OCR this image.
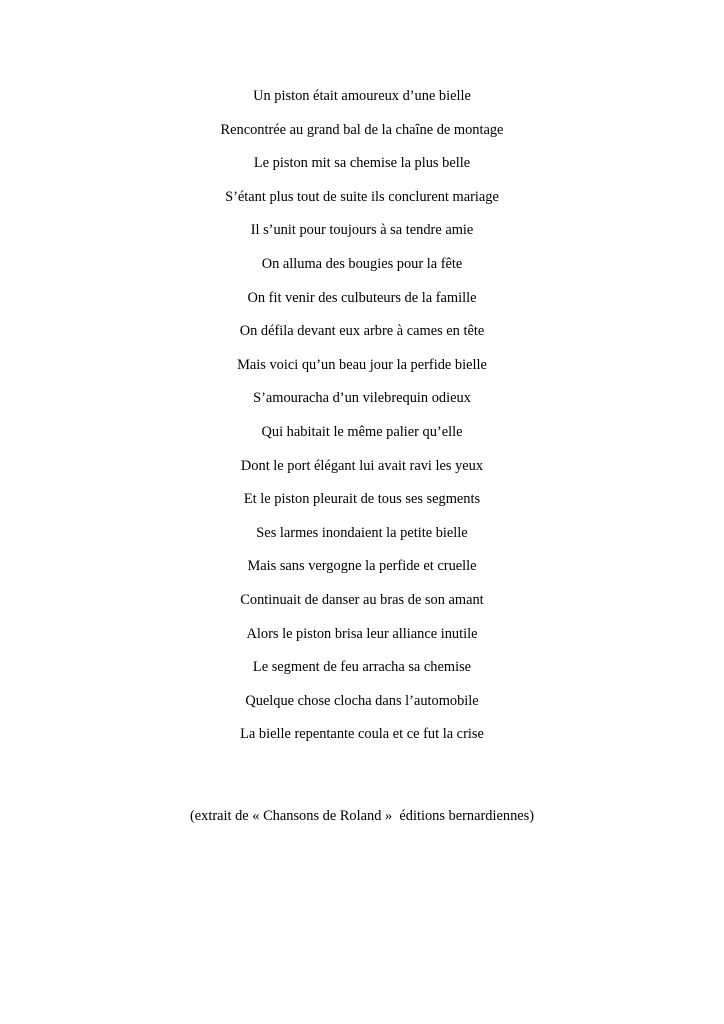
Un piston était amoureux d’une bielle
Rencontrée au grand bal de la chaîne de montage
Le piston mit sa chemise la plus belle
S’étant plus tout de suite ils conclurent mariage
Il s’unit pour toujours à sa tendre amie
On alluma des bougies pour la fête
On fit venir des culbuteurs de la famille
On défila devant eux arbre à cames en tête
Mais voici qu’un beau jour la perfide bielle
S’amouracha d’un vilebrequin odieux
Qui habitait le même palier qu’elle
Dont le port élégant lui avait ravi les yeux
Et le piston pleurait de tous ses segments
Ses larmes inondaient la petite bielle
Mais sans vergogne la perfide et cruelle
Continuait de danser au bras de son amant
Alors le piston brisa leur alliance inutile
Le segment de feu arracha sa chemise
Quelque chose clocha dans l’automobile
La bielle repentante coula et ce fut la crise

(extrait de « Chansons de Roland »  éditions bernardiennes)
